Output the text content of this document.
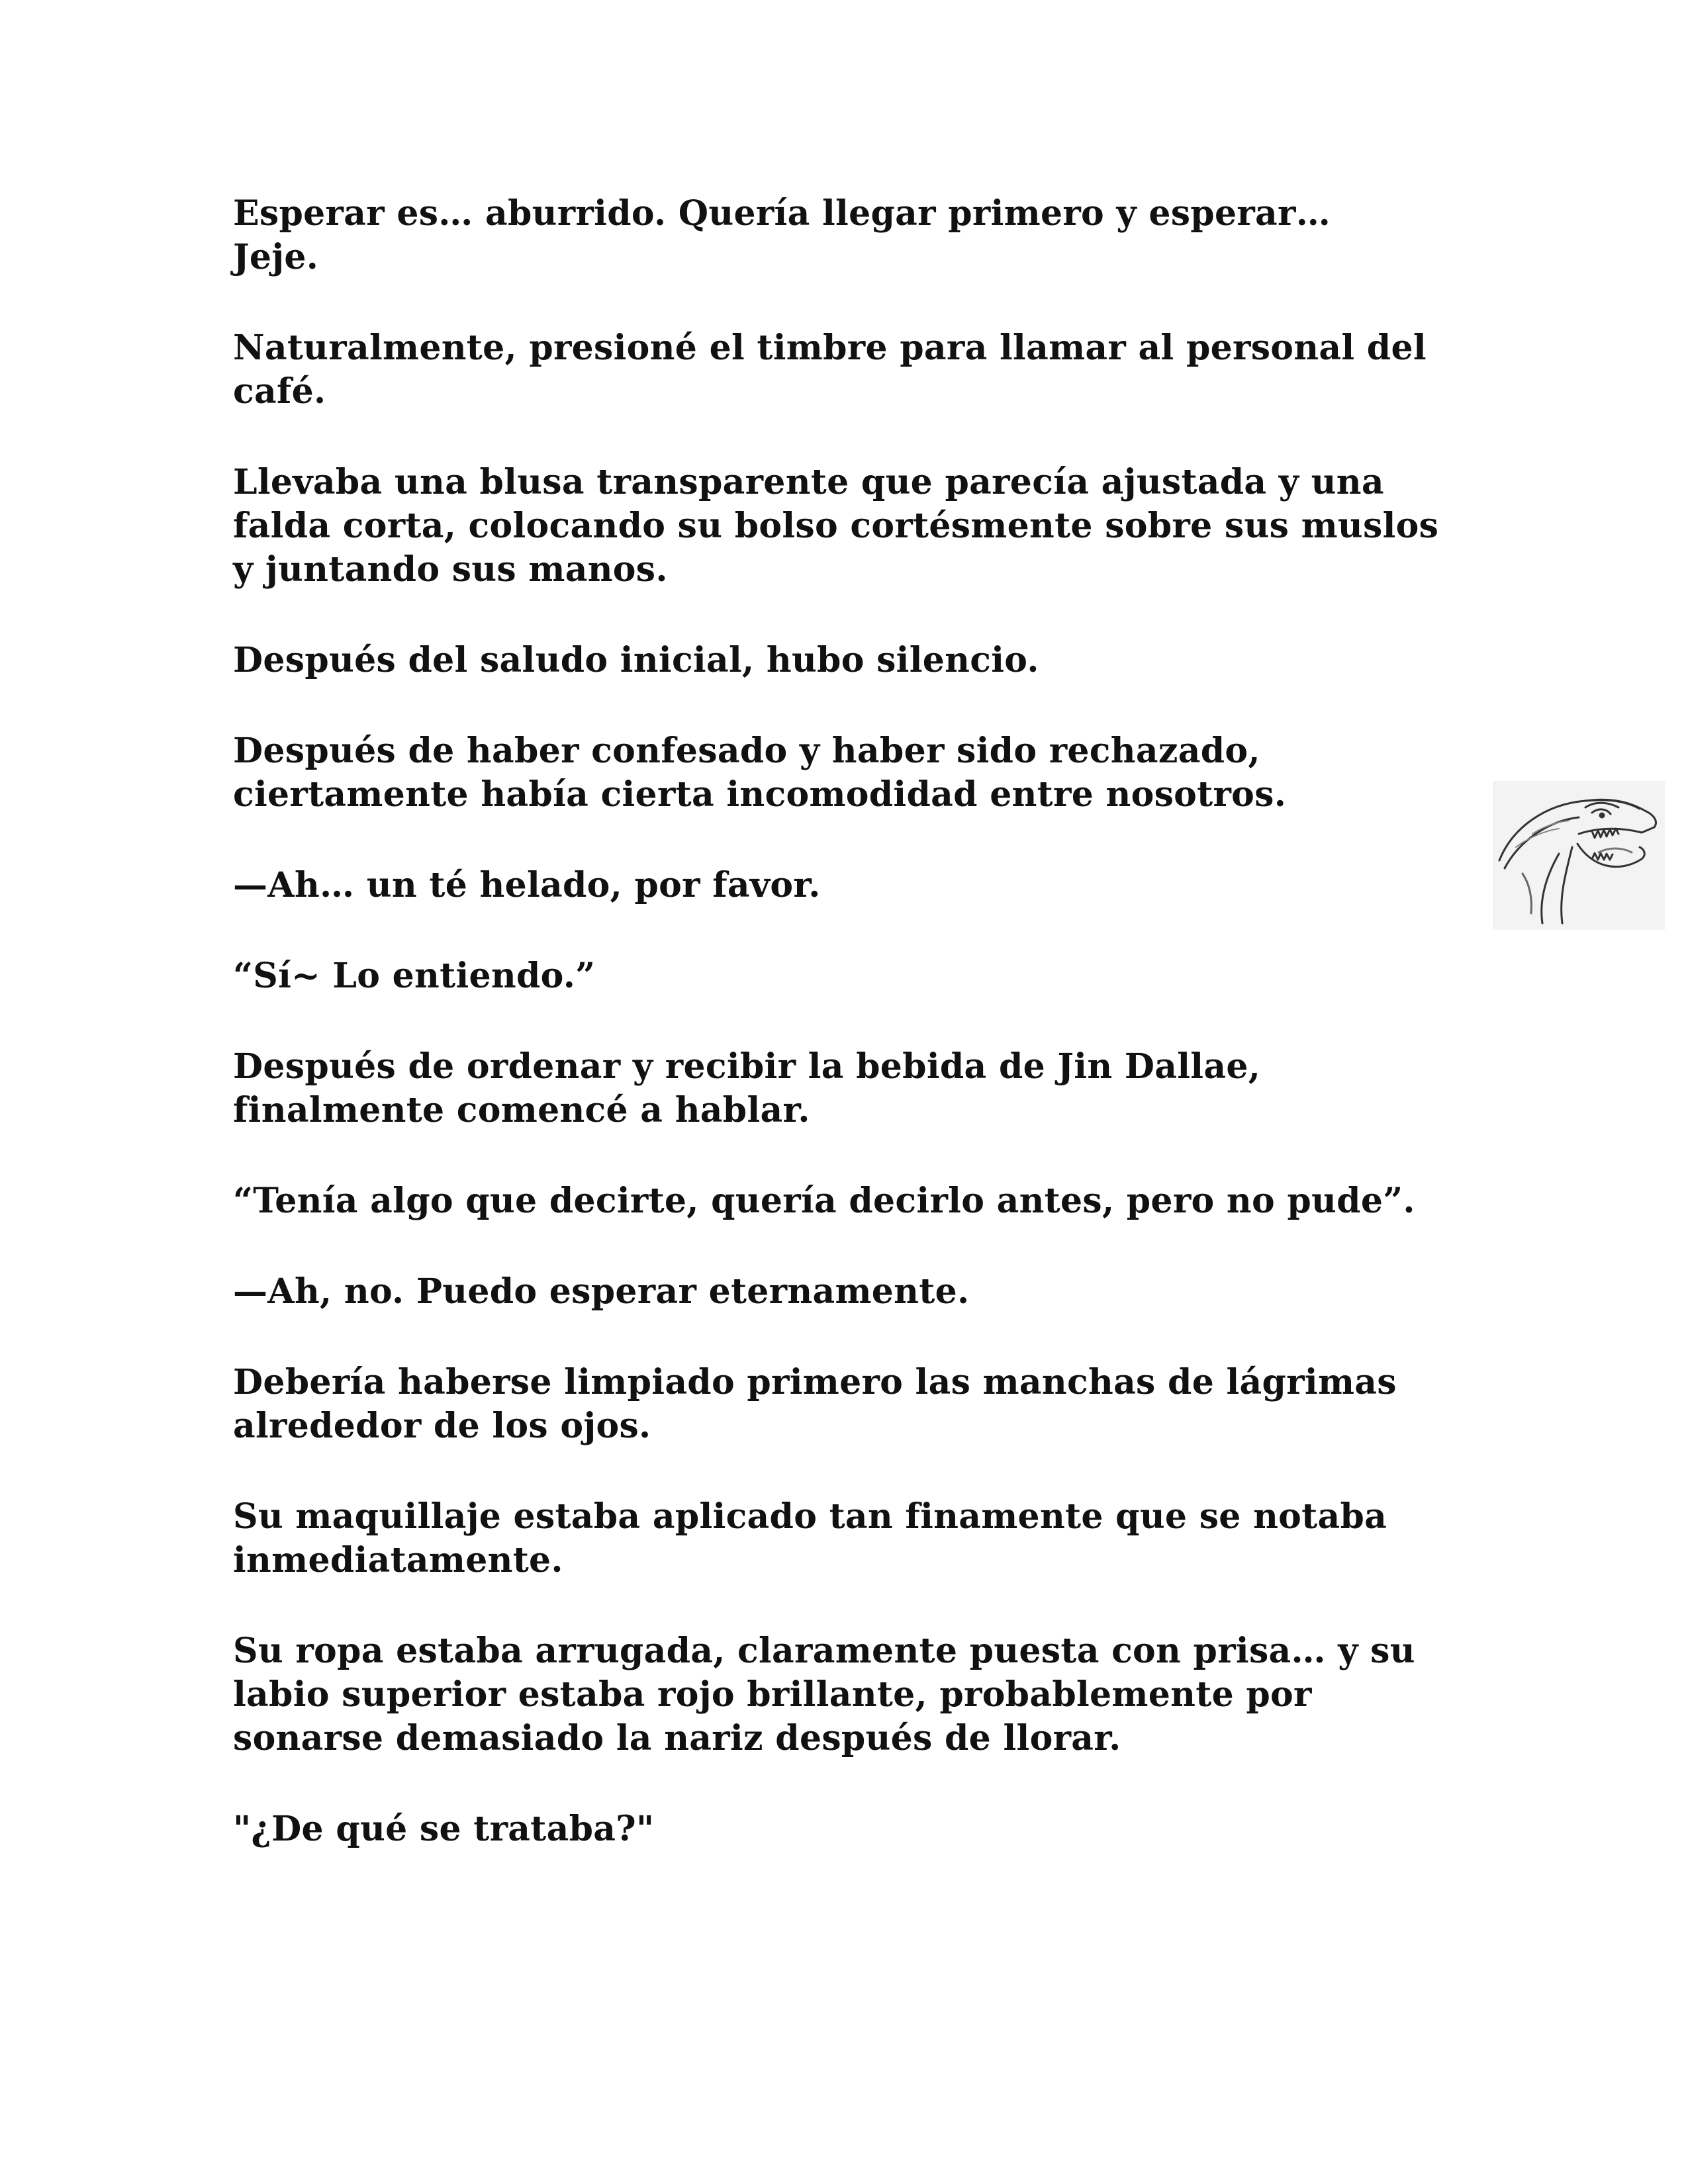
Esperar es… aburrido. Quería llegar primero y esperar…
Jeje.

Naturalmente, presioné el timbre para llamar al personal del
café.

Llevaba una blusa transparente que parecía ajustada y una
falda corta, colocando su bolso cortésmente sobre sus muslos
y juntando sus manos.

Después del saludo inicial, hubo silencio.

Después de haber confesado y haber sido rechazado,
ciertamente había cierta incomodidad entre nosotros.

—Ah… un té helado, por favor.

“Sí~ Lo entiendo.”

Después de ordenar y recibir la bebida de Jin Dallae,
finalmente comencé a hablar.

“Tenía algo que decirte, quería decirlo antes, pero no pude”.

—Ah, no. Puedo esperar eternamente.

Debería haberse limpiado primero las manchas de lágrimas
alrededor de los ojos.

Su maquillaje estaba aplicado tan finamente que se notaba
inmediatamente.

Su ropa estaba arrugada, claramente puesta con prisa… y su
labio superior estaba rojo brillante, probablemente por
sonarse demasiado la nariz después de llorar.

"¿De qué se trataba?"
